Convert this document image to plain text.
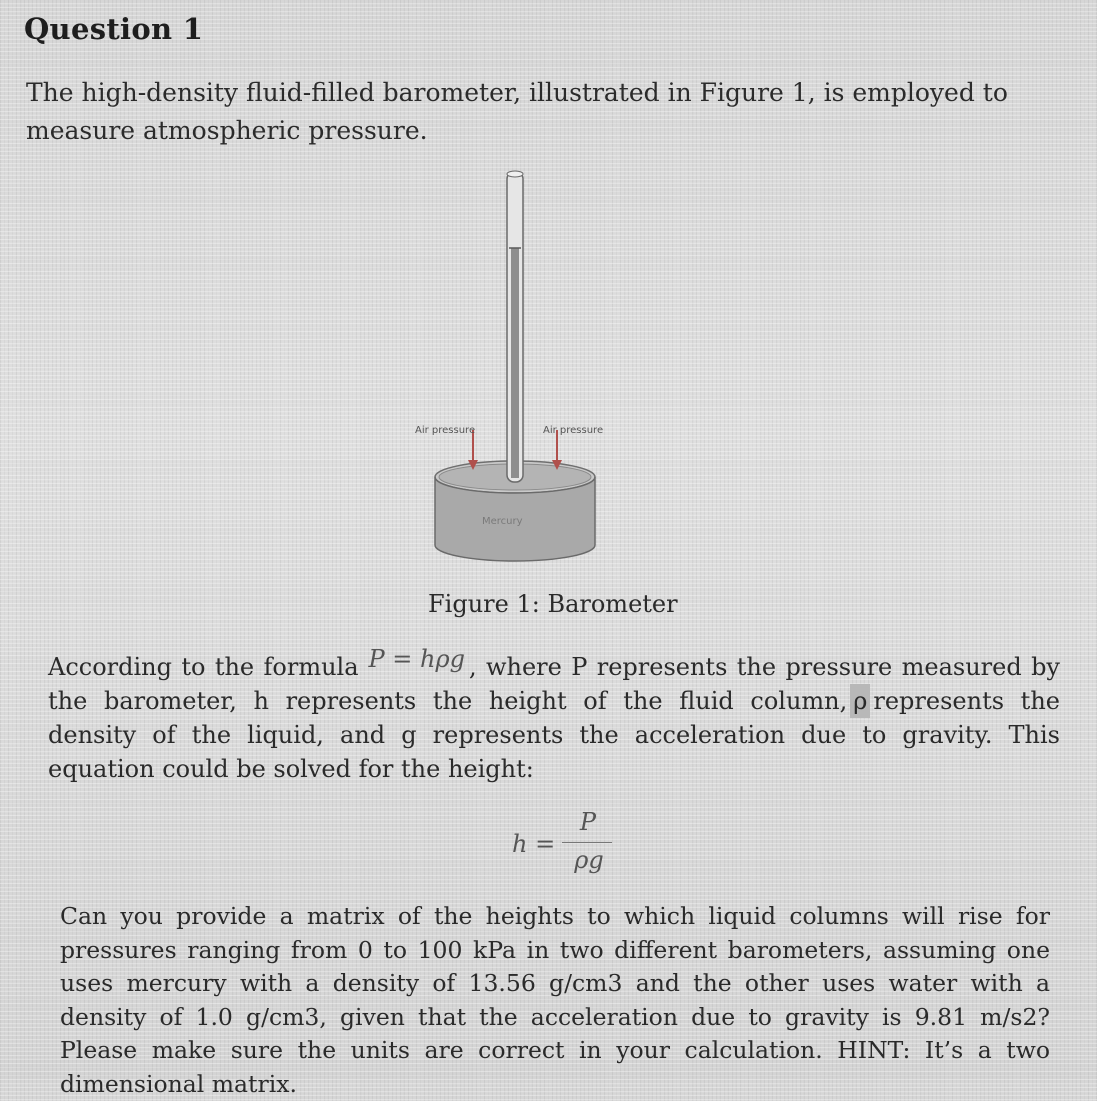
Question 1
The high-density fluid-filled barometer, illustrated in Figure 1, is employed to measure atmospheric pressure.
Air pressure	Air pressure
Mercury
Figure 1: Barometer
According to the formula P = hρg , where P represents the pressure measured by the barometer, h represents the height of the fluid column, ρ represents the density of the liquid, and g represents the acceleration due to gravity. This equation could be solved for the height:
h =
P
ρg
Can you provide a matrix of the heights to which liquid columns will rise for pressures ranging from 0 to 100 kPa in two different barometers, assuming one uses mercury with a density of 13.56 g/cm3 and the other uses water with a density of 1.0 g/cm3, given that the acceleration due to gravity is 9.81 m/s2? Please make sure the units are correct in your calculation. HINT: It’s a two dimensional matrix.
